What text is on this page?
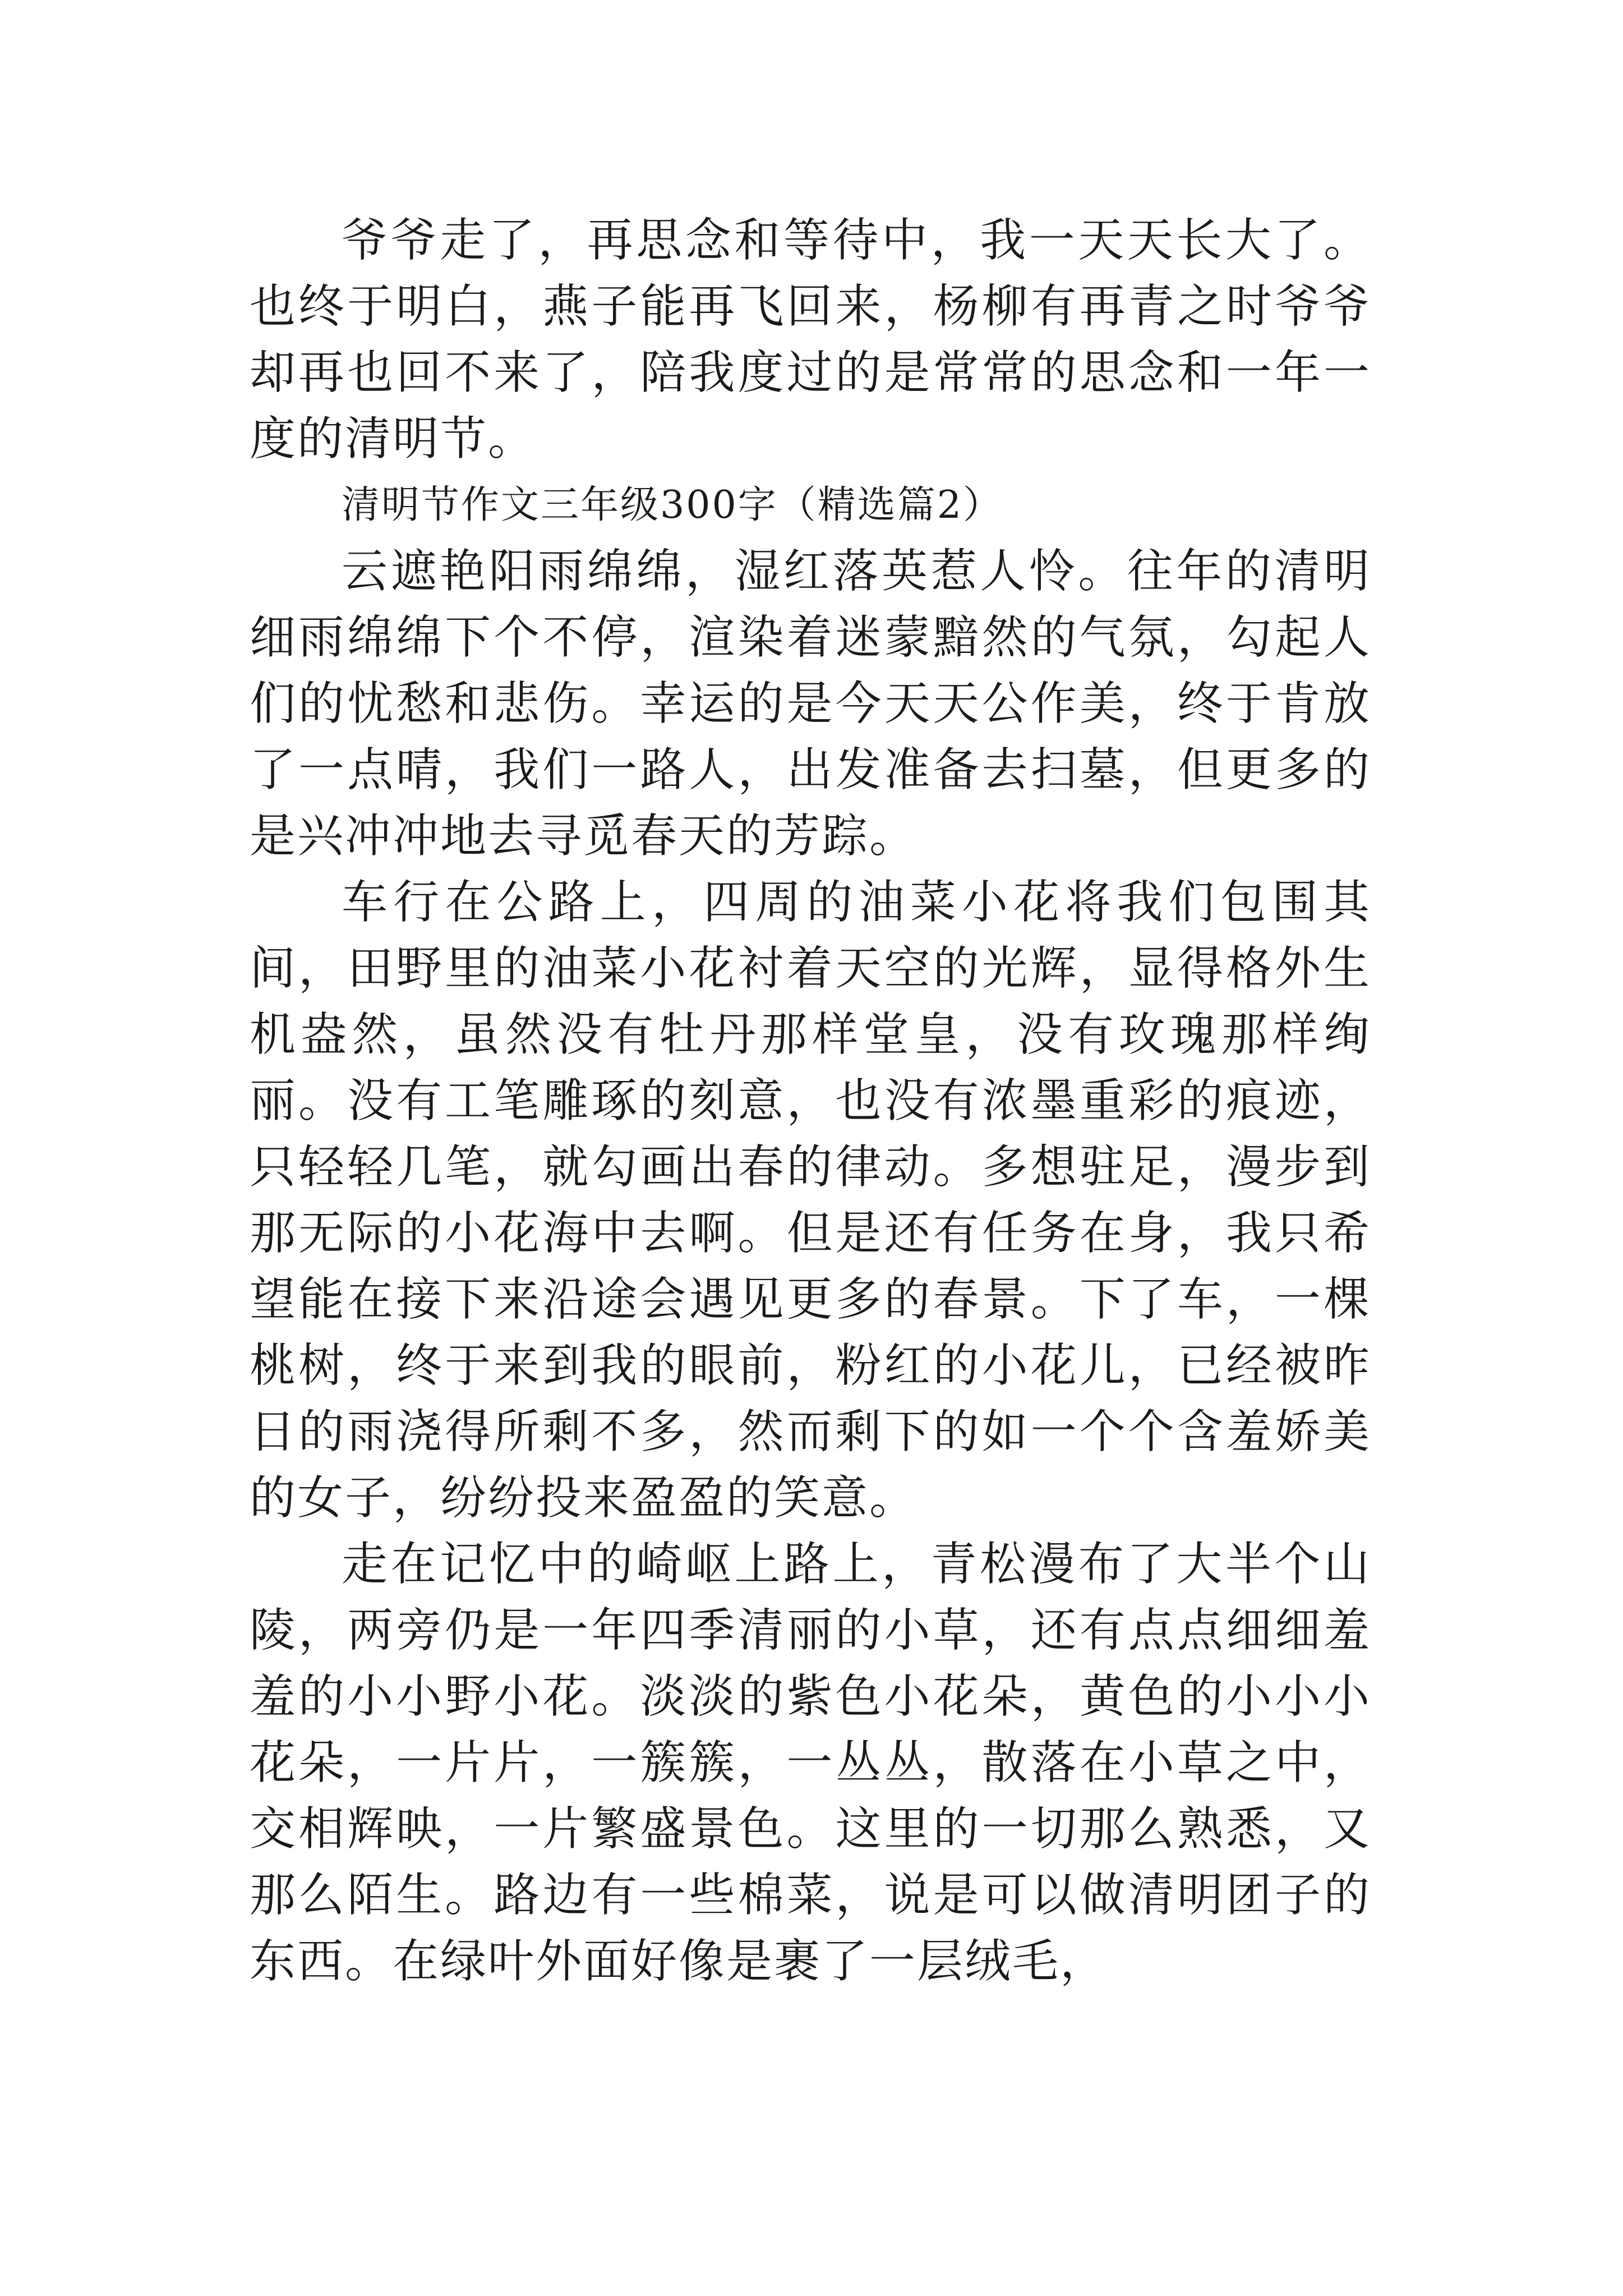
爷爷走了，再思念和等待中，我一天天长大了。也终于明白，燕子能再飞回来，杨柳有再青之时爷爷却再也回不来了，陪我度过的是常常的思念和一年一度的清明节。

清明节作文三年级300字（精选篇2）

云遮艳阳雨绵绵，湿红落英惹人怜。往年的清明细雨绵绵下个不停，渲染着迷蒙黯然的气氛，勾起人们的忧愁和悲伤。幸运的是今天天公作美，终于肯放了一点晴，我们一路人，出发准备去扫墓，但更多的是兴冲冲地去寻觅春天的芳踪。

车行在公路上，四周的油菜小花将我们包围其间，田野里的油菜小花衬着天空的光辉，显得格外生机盎然，虽然没有牡丹那样堂皇，没有玫瑰那样绚丽。没有工笔雕琢的刻意，也没有浓墨重彩的痕迹，只轻轻几笔，就勾画出春的律动。多想驻足，漫步到那无际的小花海中去啊。但是还有任务在身，我只希望能在接下来沿途会遇见更多的春景。下了车，一棵桃树，终于来到我的眼前，粉红的小花儿，已经被昨日的雨浇得所剩不多，然而剩下的如一个个含羞娇美的女子，纷纷投来盈盈的笑意。

走在记忆中的崎岖上路上，青松漫布了大半个山陵，两旁仍是一年四季清丽的小草，还有点点细细羞羞的小小野小花。淡淡的紫色小花朵，黄色的小小小花朵，一片片，一簇簇，一丛丛，散落在小草之中，交相辉映，一片繁盛景色。这里的一切那么熟悉，又那么陌生。路边有一些棉菜，说是可以做清明团子的东西。在绿叶外面好像是裹了一层绒毛，
